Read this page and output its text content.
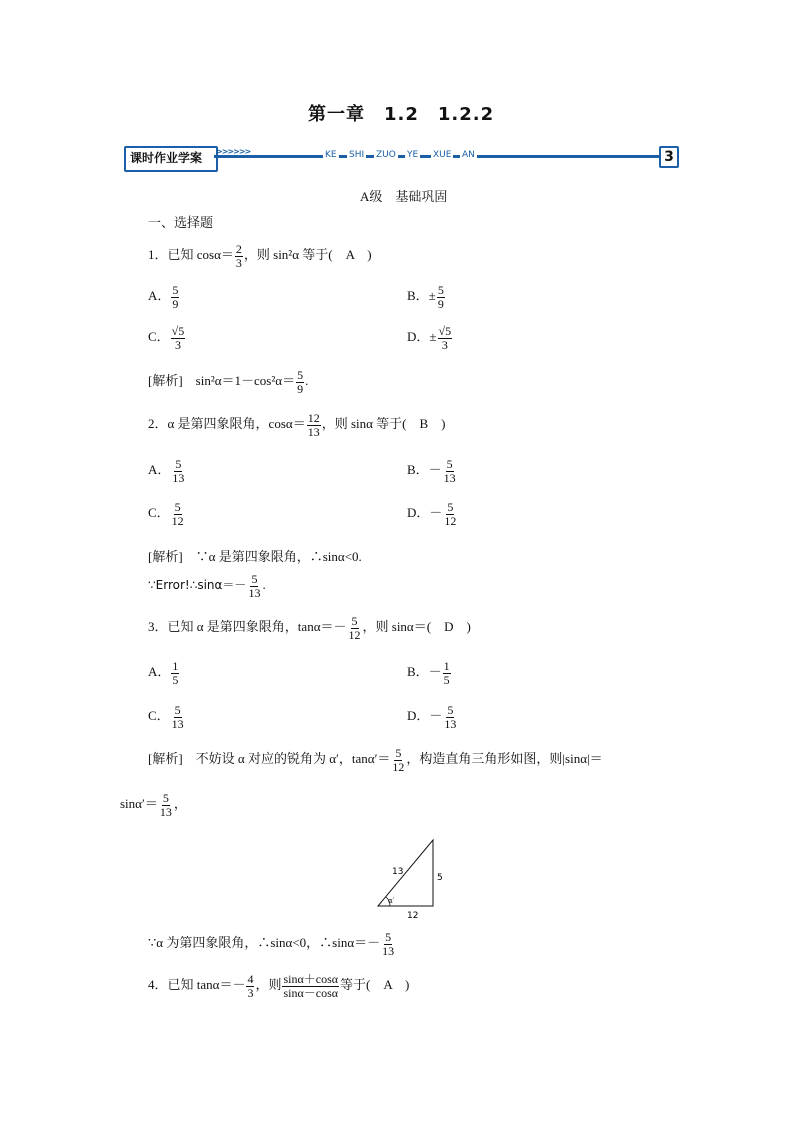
第一章　1.2　1.2.2
课时作业学案 >>>>>>	KE SHI ZUO YE XUE AN	3
A级　基础巩固
一、选择题
1．已知 $\cos\alpha= \frac{2}{3}$ ，则 sin²α 等于(　A　)
A． $\frac{5}{9}$	B．± $\frac{5}{9}$
C． $\frac{√5}{3}$	D．± $\frac{√5}{3}$
[解析]　$\sin^2\alpha=1-\cos^2\alpha= \frac{5}{9}$ .
2．α 是第四象限角，$\cos\alpha= \frac{12}{13}$ ，则 sinα 等于(　B　)
A． $\frac{5}{13}$	B．－ $\frac{5}{13}$
C． $\frac{5}{12}$	D．－ $\frac{5}{12}$
[解析]　∵α 是第四象限角，∴sinα<0.
∵Error!∴sinα＝－ $\frac{5}{13}$ .
3．已知 α 是第四象限角，$\tan\alpha=- \frac{5}{12}$ ，则 sinα＝(　D　)
A． $\frac{1}{5}$	B．－ $\frac{1}{5}$
C． $\frac{5}{13}$	D．－ $\frac{5}{13}$
[解析]　不妨设 α 对应的锐角为 α′，$\tan\alpha'= \frac{5}{12}$ ，构造直角三角形如图，则|sinα|＝
$\sin\alpha'= \frac{5}{13}$ ，
13
5
12
α′
∵α 为第四象限角，∴sinα<0，∴sinα＝－ $\frac{5}{13}$
4．已知 $\tan\alpha=- \frac{4}{3}$ ，则 $\frac{\sin\alpha+\cos\alpha}{\sin\alpha-\cos\alpha}$ 等于(　A　)
